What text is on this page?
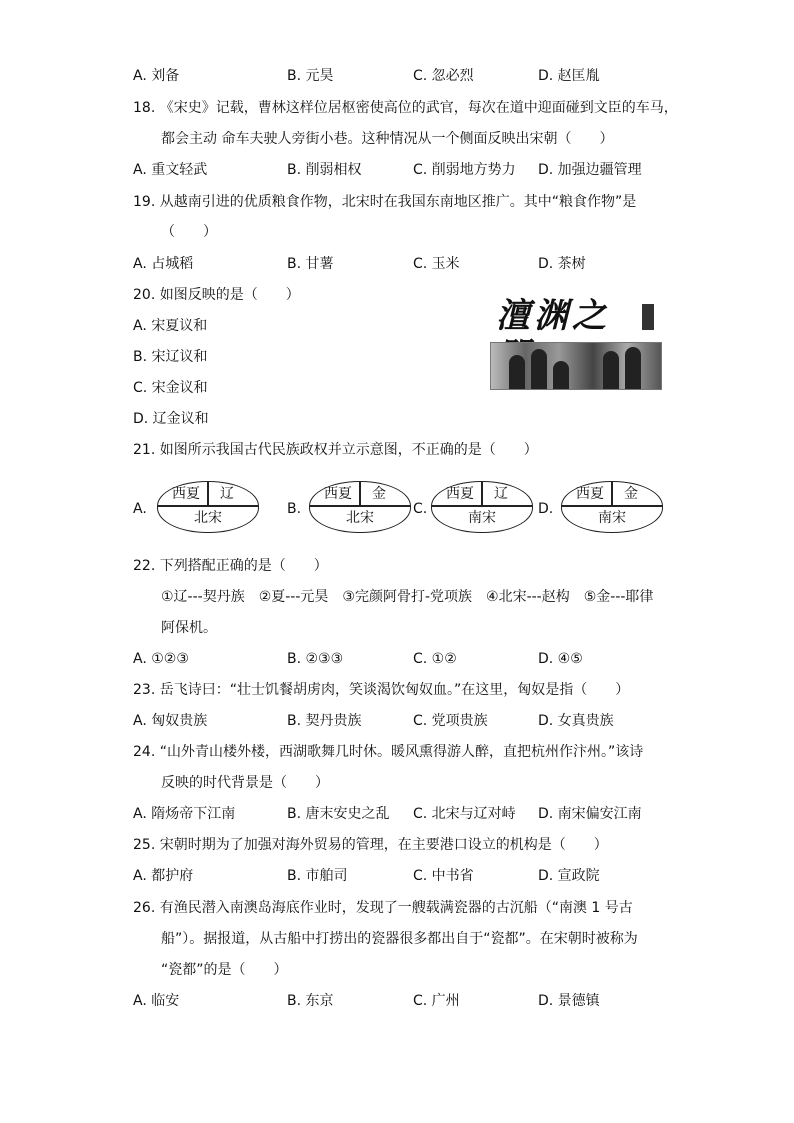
A. 刘备	B. 元昊	C. 忽必烈	D. 赵匡胤
18. 《宋史》记载，曹林这样位居枢密使高位的武官，每次在道中迎面碰到文臣的车马，
都会主动 命车夫驶人旁街小巷。这种情况从一个侧面反映出宋朝（　　）
A. 重文轻武	B. 削弱相权	C. 削弱地方势力 D. 加强边疆管理
19. 从越南引进的优质粮食作物，北宋时在我国东南地区推广。其中“粮食作物”是
（　　）
A. 占城稻	B. 甘薯	C. 玉米	D. 茶树
20. 如图反映的是（　　）
A. 宋夏议和
B. 宋辽议和
C. 宋金议和
D. 辽金议和
澶渊之
21. 如图所示我国古代民族政权并立示意图，不正确的是（　　）
A.
西夏 辽
北宋
B.
西夏 金
北宋
C.
西夏 辽
南宋
D.
西夏 金
南宋
22. 下列搭配正确的是（　　）
①辽---契丹族　②夏---元昊　③完颜阿骨打-党项族　④北宋---赵构　⑤金---耶律
阿保机。
A. ①②③	B. ②③③	C. ①②	D. ④⑤
23. 岳飞诗曰：“壮士饥餐胡虏肉，笑谈渴饮匈奴血。”在这里，匈奴是指（　　）
A. 匈奴贵族	B. 契丹贵族	C. 党项贵族	D. 女真贵族
24. “山外青山楼外楼，西湖歌舞几时休。暖风熏得游人醉，直把杭州作汴州。”该诗
反映的时代背景是（　　）
A. 隋炀帝下江南	B. 唐末安史之乱 C. 北宋与辽对峙 D. 南宋偏安江南
25. 宋朝时期为了加强对海外贸易的管理，在主要港口设立的机构是（　　）
A. 都护府	B. 市舶司	C. 中书省	D. 宣政院
26. 有渔民潜入南澳岛海底作业时，发现了一艘载满瓷器的古沉船（“南澳 1 号古
船”）。据报道，从古船中打捞出的瓷器很多都出自于“瓷都”。在宋朝时被称为
“瓷都”的是（　　）
A. 临安	B. 东京	C. 广州	D. 景德镇
